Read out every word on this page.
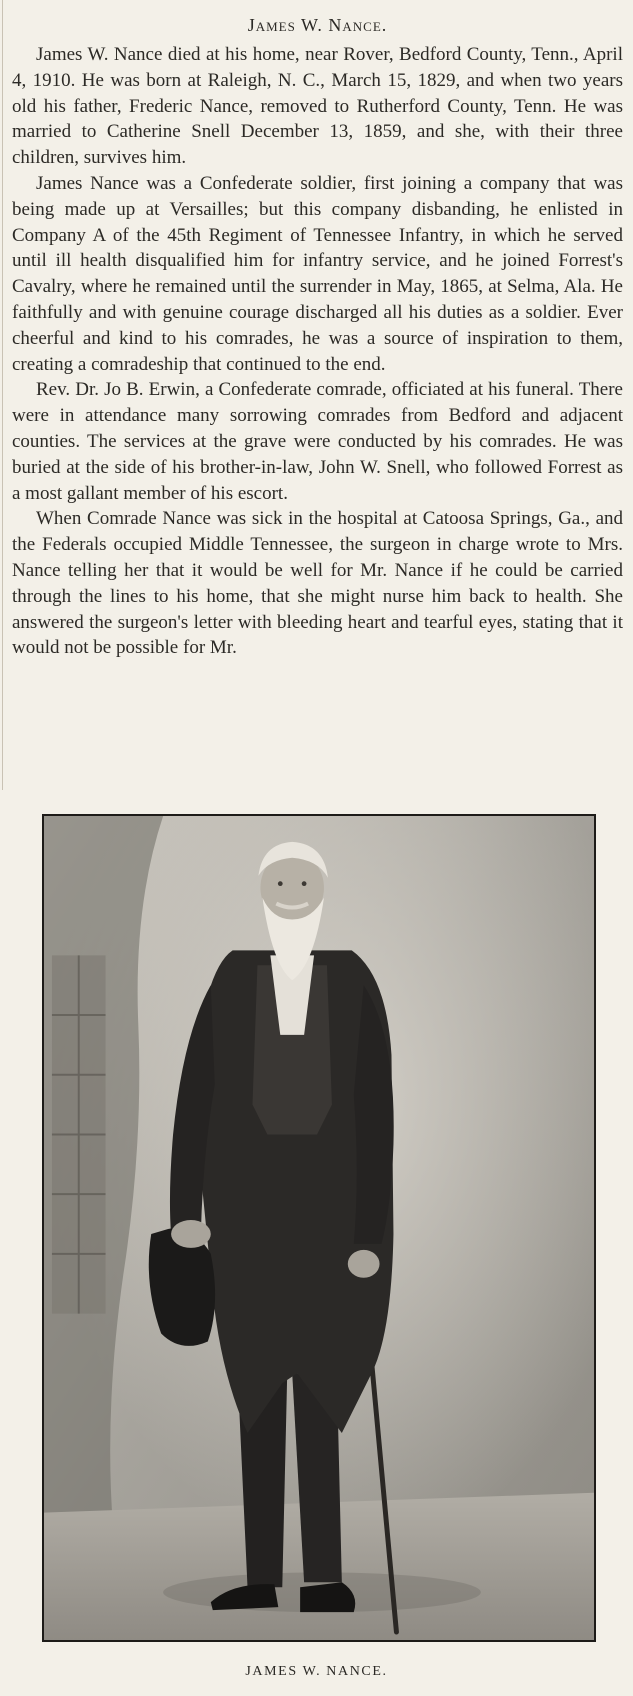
James W. Nance.

James W. Nance died at his home, near Rover, Bedford County, Tenn., April 4, 1910. He was born at Raleigh, N. C., March 15, 1829, and when two years old his father, Frederic Nance, removed to Rutherford County, Tenn. He was married to Catherine Snell December 13, 1859, and she, with their three children, survives him.

James Nance was a Confederate soldier, first joining a company that was being made up at Versailles; but this company disbanding, he enlisted in Company A of the 45th Regiment of Tennessee Infantry, in which he served until ill health disqualified him for infantry service, and he joined Forrest's Cavalry, where he remained until the surrender in May, 1865, at Selma, Ala. He faithfully and with genuine courage discharged all his duties as a soldier. Ever cheerful and kind to his comrades, he was a source of inspiration to them, creating a comradeship that continued to the end.

Rev. Dr. Jo B. Erwin, a Confederate comrade, officiated at his funeral. There were in attendance many sorrowing comrades from Bedford and adjacent counties. The services at the grave were conducted by his comrades. He was buried at the side of his brother-in-law, John W. Snell, who followed Forrest as a most gallant member of his escort.

When Comrade Nance was sick in the hospital at Catoosa Springs, Ga., and the Federals occupied Middle Tennessee, the surgeon in charge wrote to Mrs. Nance telling her that it would be well for Mr. Nance if he could be carried through the lines to his home, that she might nurse him back to health. She answered the surgeon's letter with bleeding heart and tearful eyes, stating that it would not be possible for Mr.

JAMES W. NANCE.
